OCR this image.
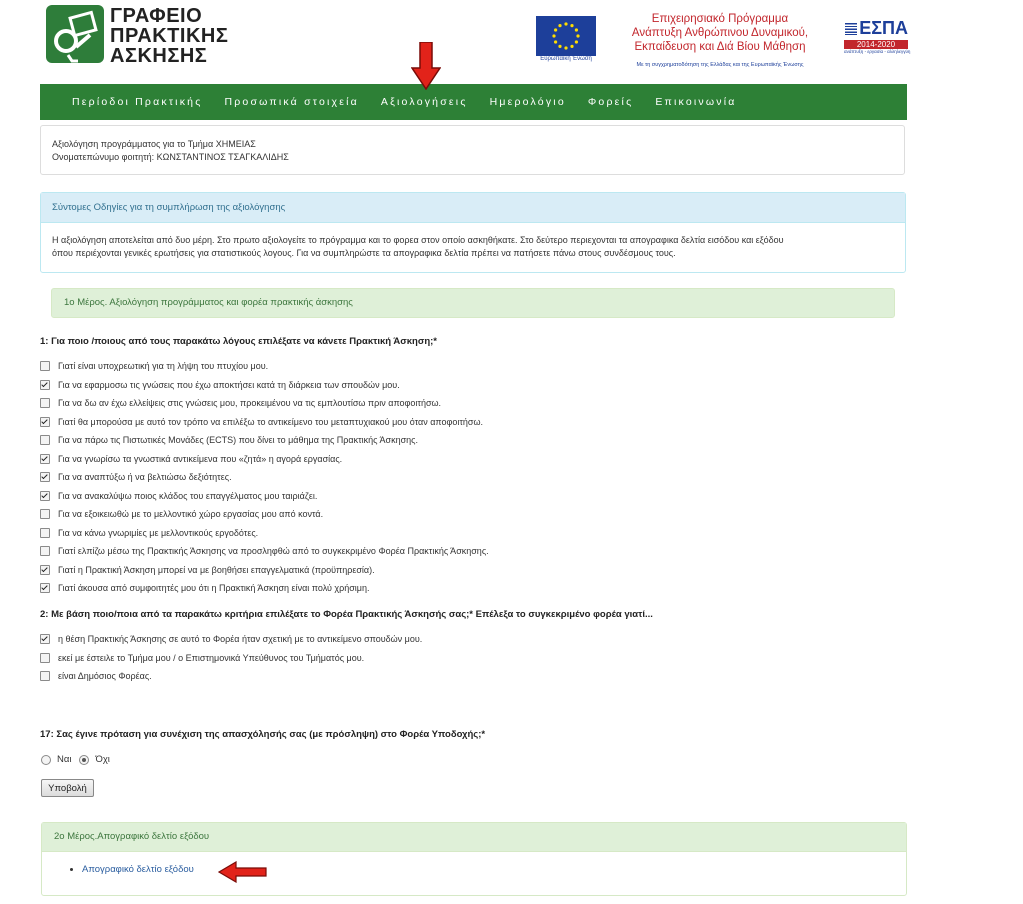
ΓΡΑΦΕΙΟ
ΠΡΑΚΤΙΚΗΣ
ΑΣΚΗΣΗΣ	Ευρωπαϊκή Ένωση
Επιχειρησιακό Πρόγραμμα
Ανάπτυξη Ανθρώπινου Δυναμικού,
Εκπαίδευση και Διά Βίου Μάθηση
Με τη συγχρηματοδότηση της Ελλάδας και της Ευρωπαϊκής Ένωσης
ΕΣΠΑ
2014-2020
ανάπτυξη - εργασία - αλληλεγγύη
Περίοδοι Πρακτικής Προσωπικά στοιχεία Αξιολογήσεις Ημερολόγιο Φορείς Επικοινωνία
Αξιολόγηση προγράμματος για το Τμήμα ΧΗΜΕΙΑΣ
Ονοματεπώνυμο φοιτητή: ΚΩΝΣΤΑΝΤΙΝΟΣ ΤΣΑΓΚΑΛΙΔΗΣ
Σύντομες Οδηγίες για τη συμπλήρωση της αξιολόγησης
Η αξιολόγηση αποτελείται από δυο μέρη. Στο πρωτο αξιολογείτε το πρόγραμμα και το φορεα στον οποίο ασκηθήκατε. Στο δεύτερο περιεχονται τα απογραφικα δελτία εισόδου και εξόδου
όπου περιέχονται γενικές ερωτήσεις για στατιστικούς λογους. Για να συμπληρώστε τα απογραφικα δελτία πρέπει να πατήσετε πάνω στους συνδέσμους τους.
1ο Μέρος. Αξιολόγηση προγράμματος και φορέα πρακτικής άσκησης
1: Για ποιο /ποιους από τους παρακάτω λόγους επιλέξατε να κάνετε Πρακτική Άσκηση;*
Γιατί είναι υποχρεωτική για τη λήψη του πτυχίου μου.
Για να εφαρμοσω τις γνώσεις που έχω αποκτήσει κατά τη διάρκεια των σπουδών μου.
Για να δω αν έχω ελλείψεις στις γνώσεις μου, προκειμένου να τις εμπλουτίσω πριν αποφοιτήσω.
Γιατί θα μπορούσα με αυτό τον τρόπο να επιλέξω το αντικείμενο του μεταπτυχιακού μου όταν αποφοιτήσω.
Για να πάρω τις Πιστωτικές Μονάδες (ECTS) που δίνει το μάθημα της Πρακτικής Άσκησης.
Για να γνωρίσω τα γνωστικά αντικείμενα που «ζητά» η αγορά εργασίας.
Για να αναπτύξω ή να βελτιώσω δεξιότητες.
Για να ανακαλύψω ποιος κλάδος του επαγγέλματος μου ταιριάζει.
Για να εξοικειωθώ με το μελλοντικό χώρο εργασίας μου από κοντά.
Για να κάνω γνωριμίες με μελλοντικούς εργοδότες.
Γιατί ελπίζω μέσω της Πρακτικής Άσκησης να προσληφθώ από το συγκεκριμένο Φορέα Πρακτικής Άσκησης.
Γιατί η Πρακτική Άσκηση μπορεί να με βοηθήσει επαγγελματικά (προϋπηρεσία).
Γιατί άκουσα από συμφοιτητές μου ότι η Πρακτική Άσκηση είναι πολύ χρήσιμη.
2: Με βάση ποιο/ποια από τα παρακάτω κριτήρια επιλέξατε το Φορέα Πρακτικής Άσκησής σας;* Επέλεξα το συγκεκριμένο φορέα γιατί...
η θέση Πρακτικής Άσκησης σε αυτό το Φορέα ήταν σχετική με το αντικείμενο σπουδών μου.
εκεί με έστειλε το Τμήμα μου / ο Επιστημονικά Υπεύθυνος του Τμήματός μου.
είναι Δημόσιος Φορέας.
17: Σας έγινε πρόταση για συνέχιση της απασχόλησής σας (με πρόσληψη) στο Φορέα Υποδοχής;*
Ναι	Όχι
Υποβολή
2ο Μέρος.Απογραφικό δελτίο εξόδου
Απογραφικό δελτίο εξόδου
